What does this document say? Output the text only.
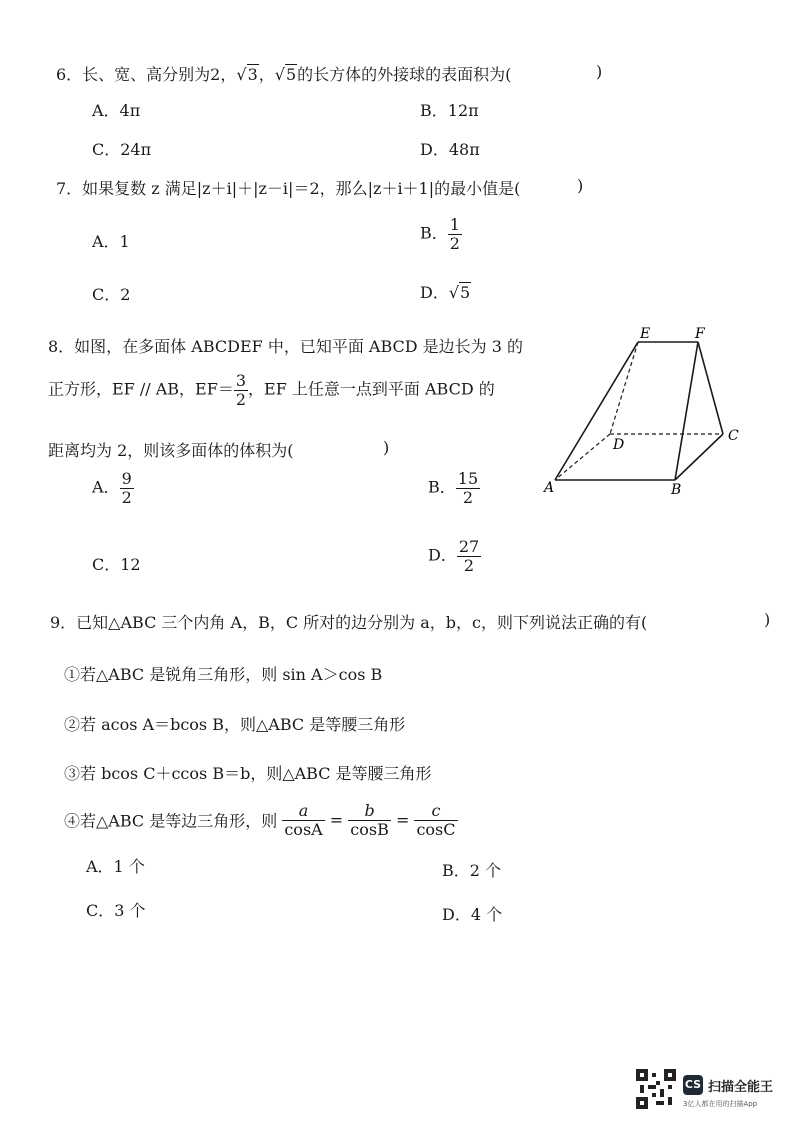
6．长、宽、高分别为2，√3，√5的长方体的外接球的表面积为(	)
A．4π	B．12π
C．24π	D．48π
7．如果复数 z 满足|z＋i|＋|z－i|＝2，那么|z＋i＋1|的最小值是(	)
A．1	B． $\frac{1}{2}$
C．2	D．√5
8．如图，在多面体 ABCDEF 中，已知平面 ABCD 是边长为 3 的
正方形，EF // AB，$EF= \frac{3}{2}$ ，EF 上任意一点到平面 ABCD 的
距离均为 2，则该多面体的体积为(	)
A． $\frac{9}{2}$	B． $\frac{15}{2}$
C．12	D． $\frac{27}{2}$
E	F
D
C
A	B
9．已知△ABC 三个内角 A，B，C 所对的边分别为 a，b，c，则下列说法正确的有(	)
①若△ABC 是锐角三角形，则 sin A＞cos B
②若 acos A＝bcos B，则△ABC 是等腰三角形
③若 bcos C＋ccos B＝b，则△ABC 是等腰三角形
④若△ABC 是等边三角形，则 $\frac{a}{\cos A} = \frac{b}{\cos B} = \frac{c}{\cos C}$
A．1 个	B．2 个
C．3 个	D．4 个
CS 扫描全能王
3亿人都在用的扫描App
